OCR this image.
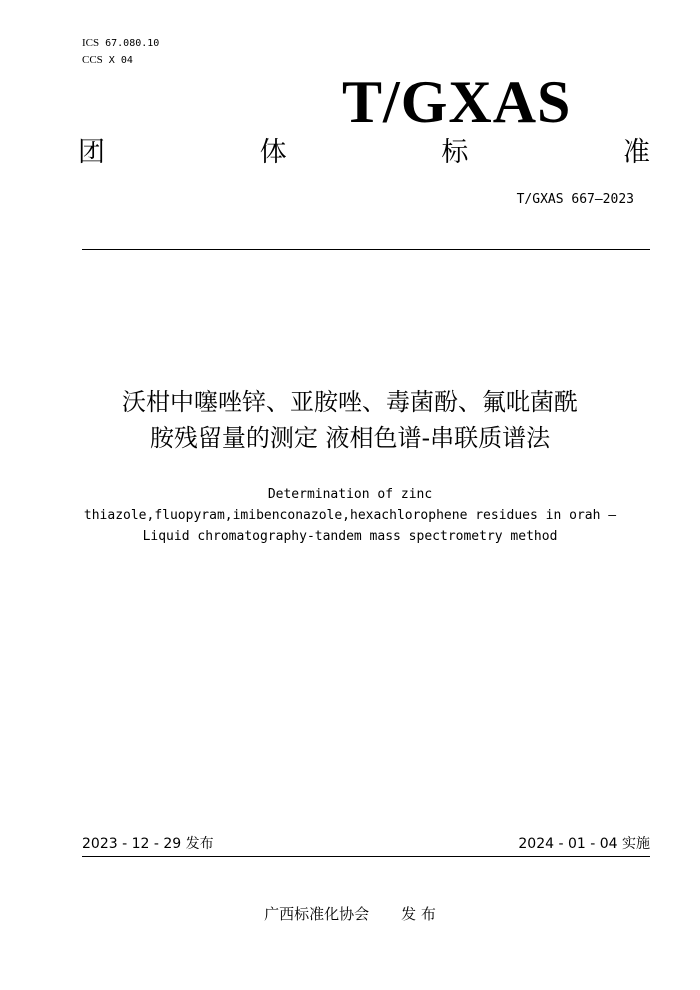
ICS 67.080.10
CCS X 04
T/GXAS
团	体	标	准
T/GXAS 667—2023
沃柑中噻唑锌、亚胺唑、毒菌酚、氟吡菌酰
胺残留量的测定 液相色谱-串联质谱法
Determination of zinc
thiazole,fluopyram,imibenconazole,hexachlorophene residues in orah —
Liquid chromatography-tandem mass spectrometry method
2023 - 12 - 29 发布	2024 - 01 - 04 实施
广西标准化协会 发 布
